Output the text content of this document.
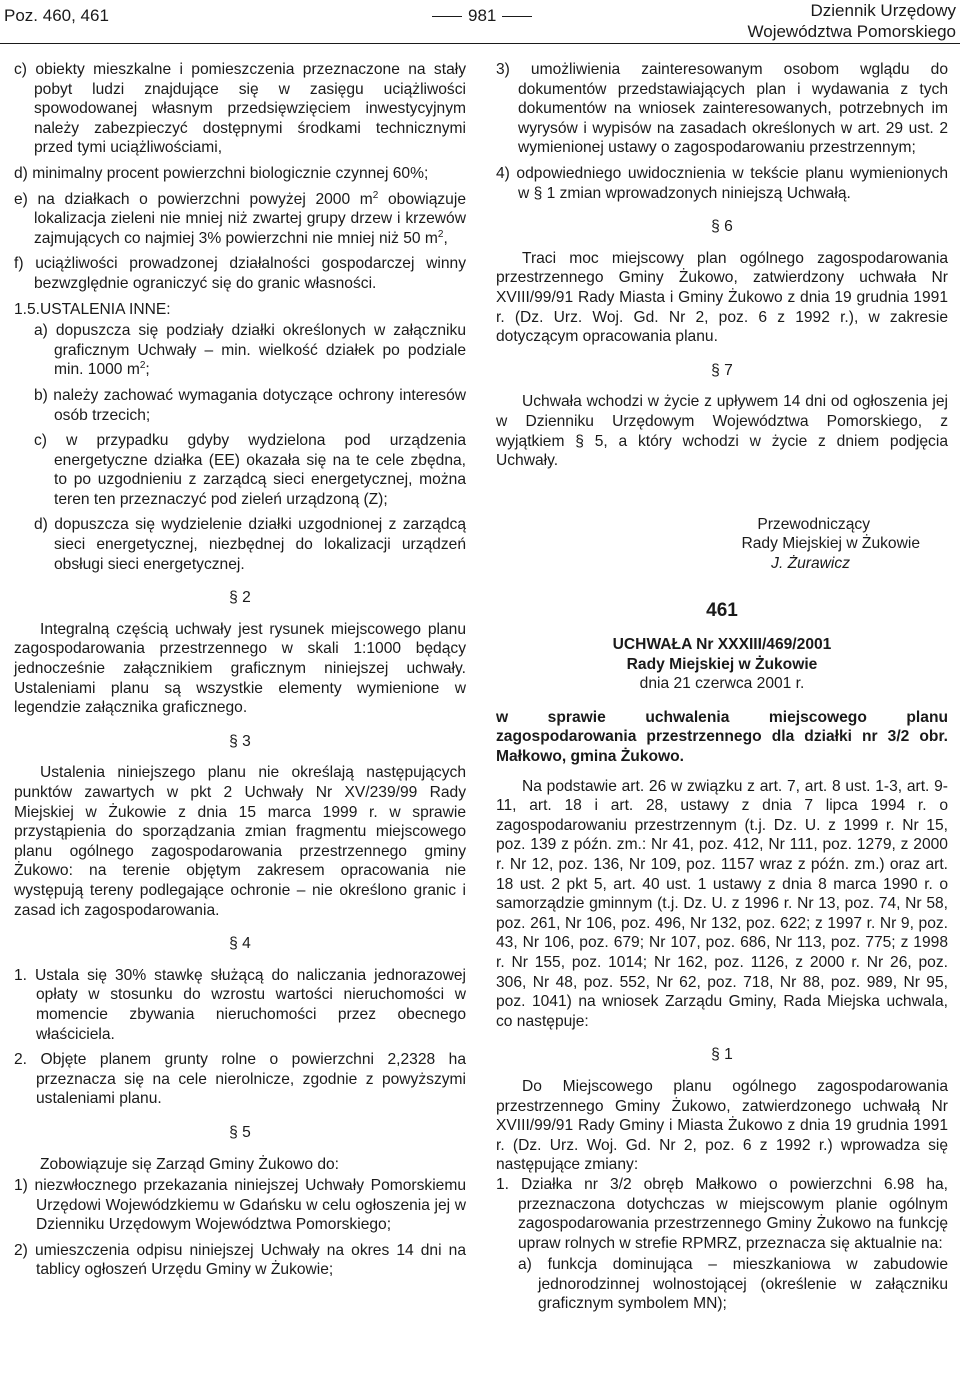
Poz. 460, 461	981	Dziennik Urzędowy
Województwa Pomorskiego

c) obiekty mieszkalne i pomieszczenia przeznaczone na stały pobyt ludzi znajdujące się w zasięgu uciążliwości spowodowanej własnym przedsięwzięciem inwestycyjnym należy zabezpieczyć dostępnymi środkami technicznymi przed tymi uciążliwościami,

d) minimalny procent powierzchni biologicznie czynnej 60%;

e) na działkach o powierzchni powyżej 2000 $m^2$ obowiązuje lokalizacja zieleni nie mniej niż zwartej grupy drzew i krzewów zajmujących co najmiej 3% powierzchni nie mniej niż 50 $m^2$,

f) uciążliwości prowadzonej działalności gospodarczej winny bezwzględnie ograniczyć się do granic własności.

1.5.USTALENIA INNE:

a) dopuszcza się podziały działki określonych w załączniku graficznym Uchwały – min. wielkość działek po podziale min. 1000 $m^2$;

b) należy zachować wymagania dotyczące ochrony interesów osób trzecich;

c) w przypadku gdyby wydzielona pod urządzenia energetyczne działka (EE) okazała się na te cele zbędna, to po uzgodnieniu z zarządcą sieci energetycznej, można teren ten przeznaczyć pod zieleń urządzoną (Z);

d) dopuszcza się wydzielenie działki uzgodnionej z zarządcą sieci energetycznej, niezbędnej do lokalizacji urządzeń obsługi sieci energetycznej.

§ 2

Integralną częścią uchwały jest rysunek miejscowego planu zagospodarowania przestrzennego w skali 1:1000 będący jednocześnie załącznikiem graficznym niniejszej uchwały. Ustaleniami planu są wszystkie elementy wymienione w legendzie załącznika graficznego.

§ 3

Ustalenia niniejszego planu nie określają następujących punktów zawartych w pkt 2 Uchwały Nr XV/239/99 Rady Miejskiej w Żukowie z dnia 15 marca 1999 r. w sprawie przystąpienia do sporządzania zmian fragmentu miejscowego planu ogólnego zagospodarowania przestrzennego gminy Żukowo: na terenie objętym zakresem opracowania nie występują tereny podlegające ochronie – nie określono granic i zasad ich zagospodarowania.

§ 4

1. Ustala się 30% stawkę służącą do naliczania jednorazowej opłaty w stosunku do wzrostu wartości nieruchomości w momencie zbywania nieruchomości przez obecnego właściciela.

2. Objęte planem grunty rolne o powierzchni 2,2328 ha przeznacza się na cele nierolnicze, zgodnie z powyższymi ustaleniami planu.

§ 5

Zobowiązuje się Zarząd Gminy Żukowo do:

1) niezwłocznego przekazania niniejszej Uchwały Pomorskiemu Urzędowi Wojewódzkiemu w Gdańsku w celu ogłoszenia jej w Dzienniku Urzędowym Województwa Pomorskiego;

2) umieszczenia odpisu niniejszej Uchwały na okres 14 dni na tablicy ogłoszeń Urzędu Gminy w Żukowie;

3) umożliwienia zainteresowanym osobom wglądu do dokumentów przedstawiających plan i wydawania z tych dokumentów na wniosek zainteresowanych, potrzebnych im wyrysów i wypisów na zasadach określonych w art. 29 ust. 2 wymienionej ustawy o zagospodarowaniu przestrzennym;

4) odpowiedniego uwidocznienia w tekście planu wymienionych w § 1 zmian wprowadzonych niniejszą Uchwałą.

§ 6

Traci moc miejscowy plan ogólnego zagospodarowania przestrzennego Gminy Żukowo, zatwierdzony uchwała Nr XVIII/99/91 Rady Miasta i Gminy Żukowo z dnia 19 grudnia 1991 r. (Dz. Urz. Woj. Gd. Nr 2, poz. 6 z 1992 r.), w zakresie dotyczącym opracowania planu.

§ 7

Uchwała wchodzi w życie z upływem 14 dni od ogłoszenia jej w Dzienniku Urzędowym Województwa Pomorskiego, z wyjątkiem § 5, a który wchodzi w życie z dniem podjęcia Uchwały.

Przewodniczący
Rady Miejskiej w Żukowie
J. Żurawicz
461
UCHWAŁA Nr XXXIII/469/2001
Rady Miejskiej w Żukowie
dnia 21 czerwca 2001 r.

w sprawie uchwalenia miejscowego planu zagospodarowania przestrzennego dla działki nr 3/2 obr. Małkowo, gmina Żukowo.

Na podstawie art. 26 w związku z art. 7, art. 8 ust. 1-3, art. 9-11, art. 18 i art. 28, ustawy z dnia 7 lipca 1994 r. o zagospodarowaniu przestrzennym (t.j. Dz. U. z 1999 r. Nr 15, poz. 139 z późn. zm.: Nr 41, poz. 412, Nr 111, poz. 1279, z 2000 r. Nr 12, poz. 136, Nr 109, poz. 1157 wraz z późn. zm.) oraz art. 18 ust. 2 pkt 5, art. 40 ust. 1 ustawy z dnia 8 marca 1990 r. o samorządzie gminnym (t.j. Dz. U. z 1996 r. Nr 13, poz. 74, Nr 58, poz. 261, Nr 106, poz. 496, Nr 132, poz. 622; z 1997 r. Nr 9, poz. 43, Nr 106, poz. 679; Nr 107, poz. 686, Nr 113, poz. 775; z 1998 r. Nr 155, poz. 1014; Nr 162, poz. 1126, z 2000 r. Nr 26, poz. 306, Nr 48, poz. 552, Nr 62, poz. 718, Nr 88, poz. 989, Nr 95, poz. 1041) na wniosek Zarządu Gminy, Rada Miejska uchwala, co następuje:

§ 1

Do Miejscowego planu ogólnego zagospodarowania przestrzennego Gminy Żukowo, zatwierdzonego uchwałą Nr XVIII/99/91 Rady Gminy i Miasta Żukowo z dnia 19 grudnia 1991 r. (Dz. Urz. Woj. Gd. Nr 2, poz. 6 z 1992 r.) wprowadza się następujące zmiany:

1. Działka nr 3/2 obręb Małkowo o powierzchni 6.98 ha, przeznaczona dotychczas w miejscowym planie ogólnym zagospodarowania przestrzennego Gminy Żukowo na funkcję upraw rolnych w strefie RPMRZ, przeznacza się aktualnie na:

a) funkcja dominująca – mieszkaniowa w zabudowie jednorodzinnej wolnostojącej (określenie w załączniku graficznym symbolem MN);
